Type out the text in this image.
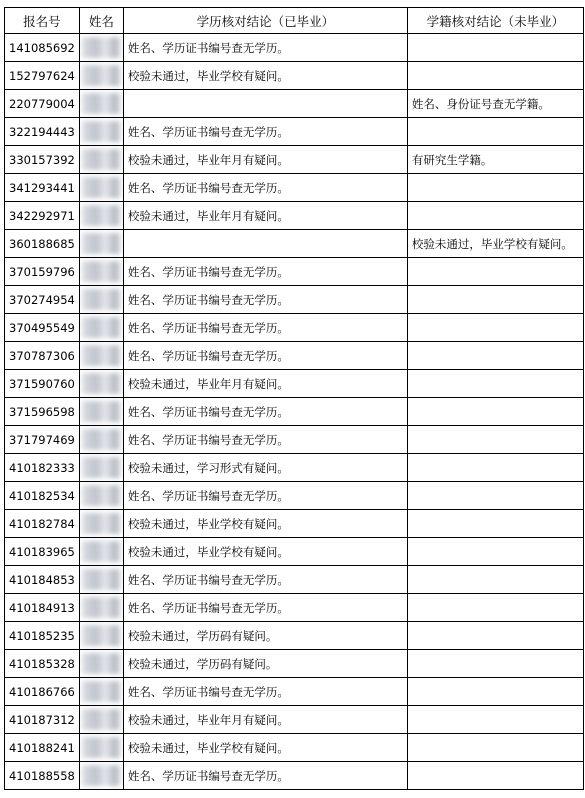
报名号	姓名	学历核对结论（已毕业）	学籍核对结论（未毕业）
141085692		姓名、学历证书编号查无学历。	
152797624		校验未通过，毕业学校有疑问。	
220779004			姓名、身份证号查无学籍。
322194443		姓名、学历证书编号查无学历。	
330157392		校验未通过，毕业年月有疑问。	有研究生学籍。
341293441		姓名、学历证书编号查无学历。	
342292971		校验未通过，毕业年月有疑问。	
360188685			校验未通过，毕业学校有疑问。
370159796		姓名、学历证书编号查无学历。	
370274954		姓名、学历证书编号查无学历。	
370495549		姓名、学历证书编号查无学历。	
370787306		姓名、学历证书编号查无学历。	
371590760		校验未通过，毕业年月有疑问。	
371596598		姓名、学历证书编号查无学历。	
371797469		姓名、学历证书编号查无学历。	
410182333		校验未通过，学习形式有疑问。	
410182534		姓名、学历证书编号查无学历。	
410182784		校验未通过，毕业学校有疑问。	
410183965		校验未通过，毕业学校有疑问。	
410184853		姓名、学历证书编号查无学历。	
410184913		姓名、学历证书编号查无学历。	
410185235		校验未通过，学历码有疑问。	
410185328		校验未通过，学历码有疑问。	
410186766		姓名、学历证书编号查无学历。	
410187312		校验未通过，毕业年月有疑问。	
410188241		校验未通过，毕业学校有疑问。	
410188558		姓名、学历证书编号查无学历。	
